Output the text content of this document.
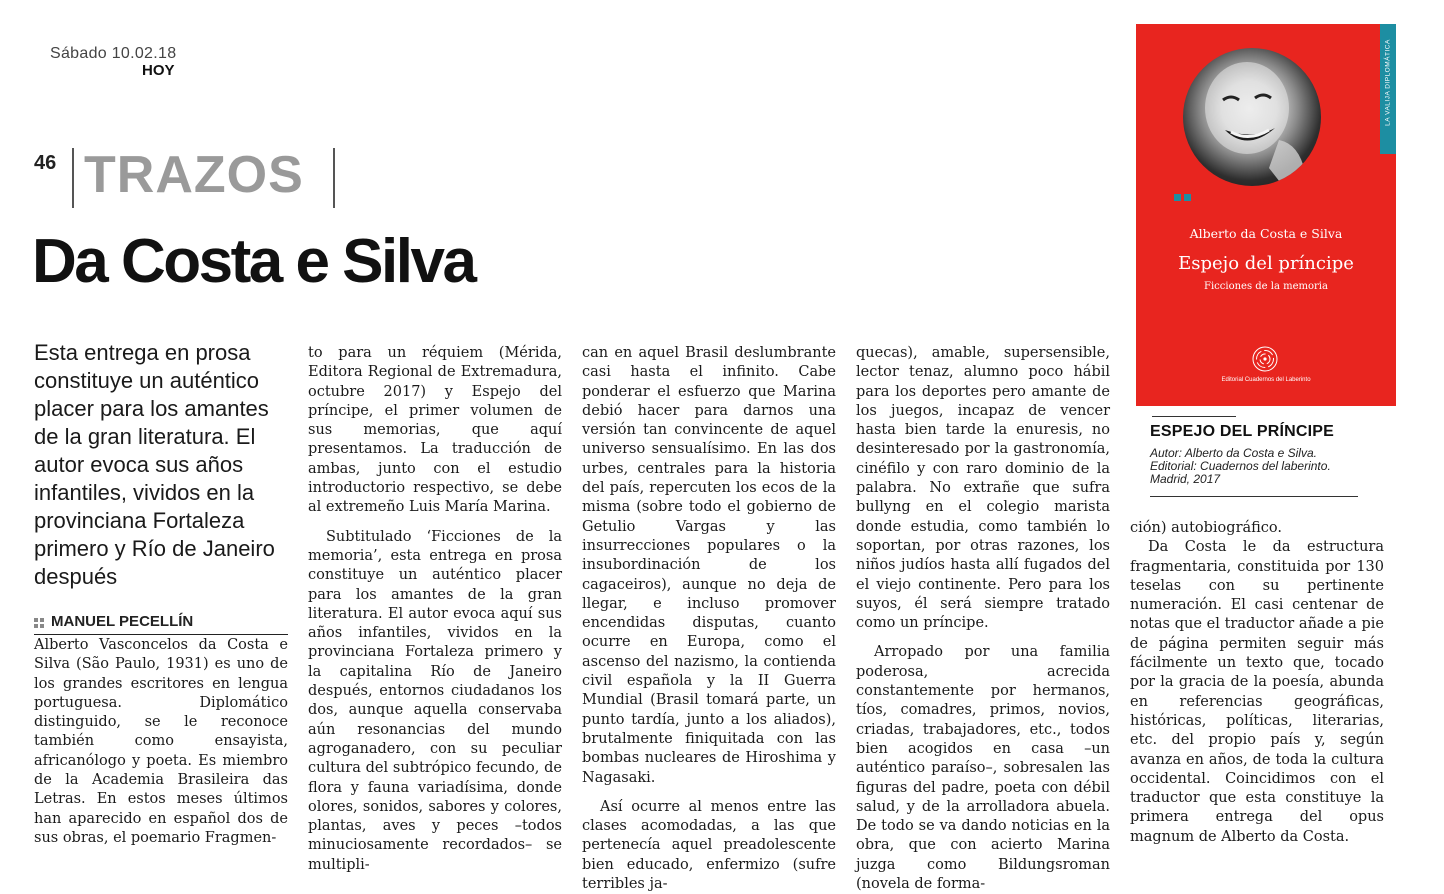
Sábado 10.02.18
HOY
46 TRAZOS
Da Costa e Silva
Esta entrega en prosa constituye un auténtico placer para los amantes de la gran literatura. El autor evoca sus años infantiles, vividos en la provinciana Fortaleza primero y Río de Janeiro después
MANUEL PECELLÍN

Alberto Vasconcelos da Costa e Silva (São Paulo, 1931) es uno de los grandes escritores en lengua portuguesa. Diplomático distinguido, se le reconoce también como ensayista, africanólogo y poeta. Es miembro de la Academia Brasileira das Letras. En estos meses últimos han aparecido en español dos de sus obras, el poemario Fragmen-

to para un réquiem (Mérida, Editora Regional de Extremadura, octubre 2017) y Espejo del príncipe, el primer volumen de sus memorias, que aquí presentamos. La traducción de ambas, junto con el estudio introductorio respectivo, se debe al extremeño Luis María Marina.

Subtitulado ‘Ficciones de la memoria’, esta entrega en prosa constituye un auténtico placer para los amantes de la gran literatura. El autor evoca aquí sus años infantiles, vividos en la provinciana Fortaleza primero y la capitalina Río de Janeiro después, entornos ciudadanos los dos, aunque aquella conservaba aún resonancias del mundo agroganadero, con su peculiar cultura del subtrópico fecundo, de flora y fauna variadísima, donde olores, sonidos, sabores y colores, plantas, aves y peces –todos minuciosamente recordados– se multipli-

can en aquel Brasil deslumbrante casi hasta el infinito. Cabe ponderar el esfuerzo que Marina debió hacer para darnos una versión tan convincente de aquel universo sensualísimo. En las dos urbes, centrales para la historia del país, repercuten los ecos de la misma (sobre todo el gobierno de Getulio Vargas y las insurrecciones populares o la insubordinación de los cagaceiros), aunque no deja de llegar, e incluso promover encendidas disputas, cuanto ocurre en Europa, como el ascenso del nazismo, la contienda civil española y la II Guerra Mundial (Brasil tomará parte, un punto tardía, junto a los aliados), brutalmente finiquitada con las bombas nucleares de Hiroshima y Nagasaki.

Así ocurre al menos entre las clases acomodadas, a las que pertenecía aquel preadolescente bien educado, enfermizo (sufre terribles ja-

quecas), amable, supersensible, lector tenaz, alumno poco hábil para los deportes pero amante de los juegos, incapaz de vencer hasta bien tarde la enuresis, no desinteresado por la gastronomía, cinéfilo y con raro dominio de la palabra. No extrañe que sufra bullyng en el colegio marista donde estudia, como también lo soportan, por otras razones, los niños judíos hasta allí fugados del el viejo continente. Pero para los suyos, él será siempre tratado como un príncipe.

Arropado por una familia poderosa, acrecida constantemente por hermanos, tíos, comadres, primos, novios, criadas, trabajadores, etc., todos bien acogidos en casa –un auténtico paraíso–, sobresalen las figuras del padre, poeta con débil salud, y de la arrolladora abuela. De todo se va dando noticias en la obra, que con acierto Marina juzga como Bildungsroman (novela de forma-

ción) autobiográfico.

Da Costa le da estructura fragmentaria, constituida por 130 teselas con su pertinente numeración. El casi centenar de notas que el traductor añade a pie de página permiten seguir más fácilmente un texto que, tocado por la gracia de la poesía, abunda en referencias geográficas, históricas, políticas, literarias, etc. del propio país y, según avanza en años, de toda la cultura occidental. Coincidimos con el traductor que esta constituye la primera entrega del opus magnum de Alberto da Costa.

LA VALIJA DIPLOMÁTICA
Alberto da Costa e Silva
Espejo del príncipe
Ficciones de la memoria
Editorial Cuadernos del Laberinto
ESPEJO DEL PRÍNCIPE
Autor: Alberto da Costa e Silva.
Editorial: Cuadernos del laberinto.
Madrid, 2017
